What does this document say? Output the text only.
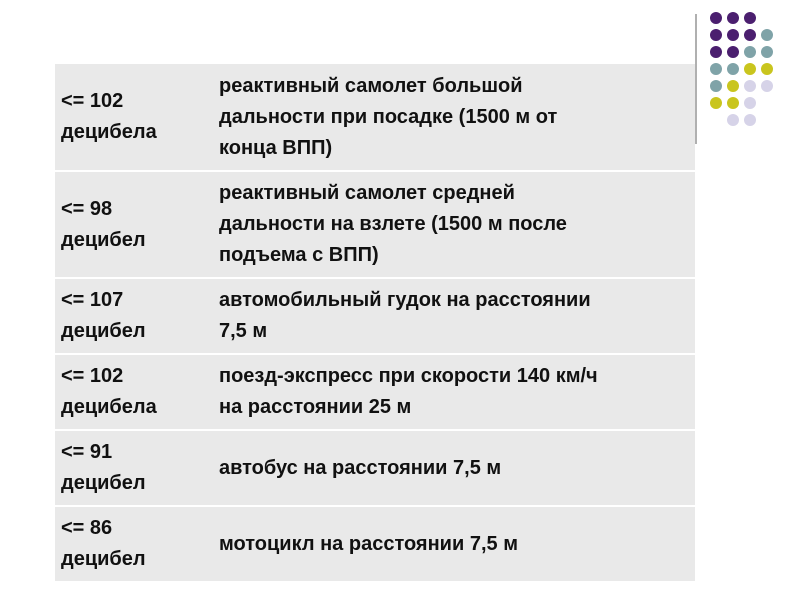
<= 102
децибела	реактивный самолет большой
дальности при посадке (1500 м от
конца ВПП)

<= 98
децибел	реактивный самолет средней
дальности на взлете (1500 м после
подъема с ВПП)

<= 107
децибел	автомобильный гудок на расстоянии
7,5 м

<= 102
децибела	поезд-экспресс при скорости 140 км/ч
на расстоянии 25 м

<= 91
децибел	автобус на расстоянии 7,5 м

<= 86
децибел	мотоцикл на расстоянии 7,5 м
